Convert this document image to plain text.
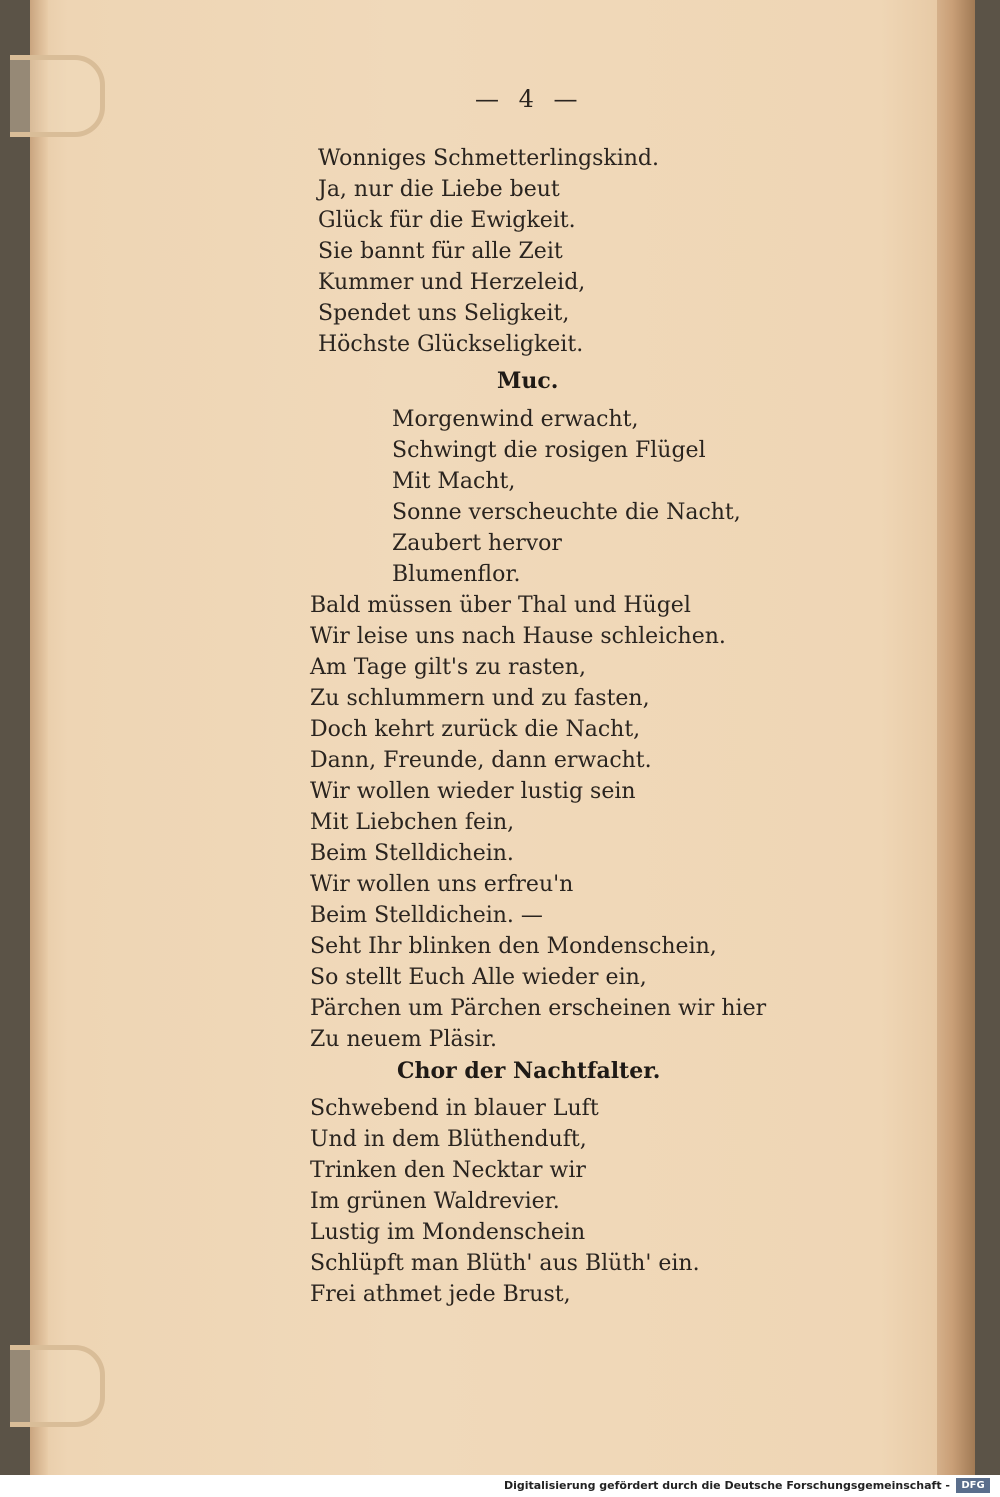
— 4 —
Wonniges Schmetterlingskind.
Ja, nur die Liebe beut
Glück für die Ewigkeit.
Sie bannt für alle Zeit
Kummer und Herzeleid,
Spendet uns Seligkeit,
Höchste Glückseligkeit.
Muc.
Morgenwind erwacht,
Schwingt die rosigen Flügel
Mit Macht,
Sonne verscheuchte die Nacht,
Zaubert hervor
Blumenflor.
Bald müssen über Thal und Hügel
Wir leise uns nach Hause schleichen.
Am Tage gilt's zu rasten,
Zu schlummern und zu fasten,
Doch kehrt zurück die Nacht,
Dann, Freunde, dann erwacht.
Wir wollen wieder lustig sein
Mit Liebchen fein,
Beim Stelldichein.
Wir wollen uns erfreu'n
Beim Stelldichein. —
Seht Ihr blinken den Mondenschein,
So stellt Euch Alle wieder ein,
Pärchen um Pärchen erscheinen wir hier
Zu neuem Pläsir.
Chor der Nachtfalter.
Schwebend in blauer Luft
Und in dem Blüthenduft,
Trinken den Necktar wir
Im grünen Waldrevier.
Lustig im Mondenschein
Schlüpft man Blüth' aus Blüth' ein.
Frei athmet jede Brust,
Digitalisierung gefördert durch die Deutsche Forschungsgemeinschaft -	DFG
